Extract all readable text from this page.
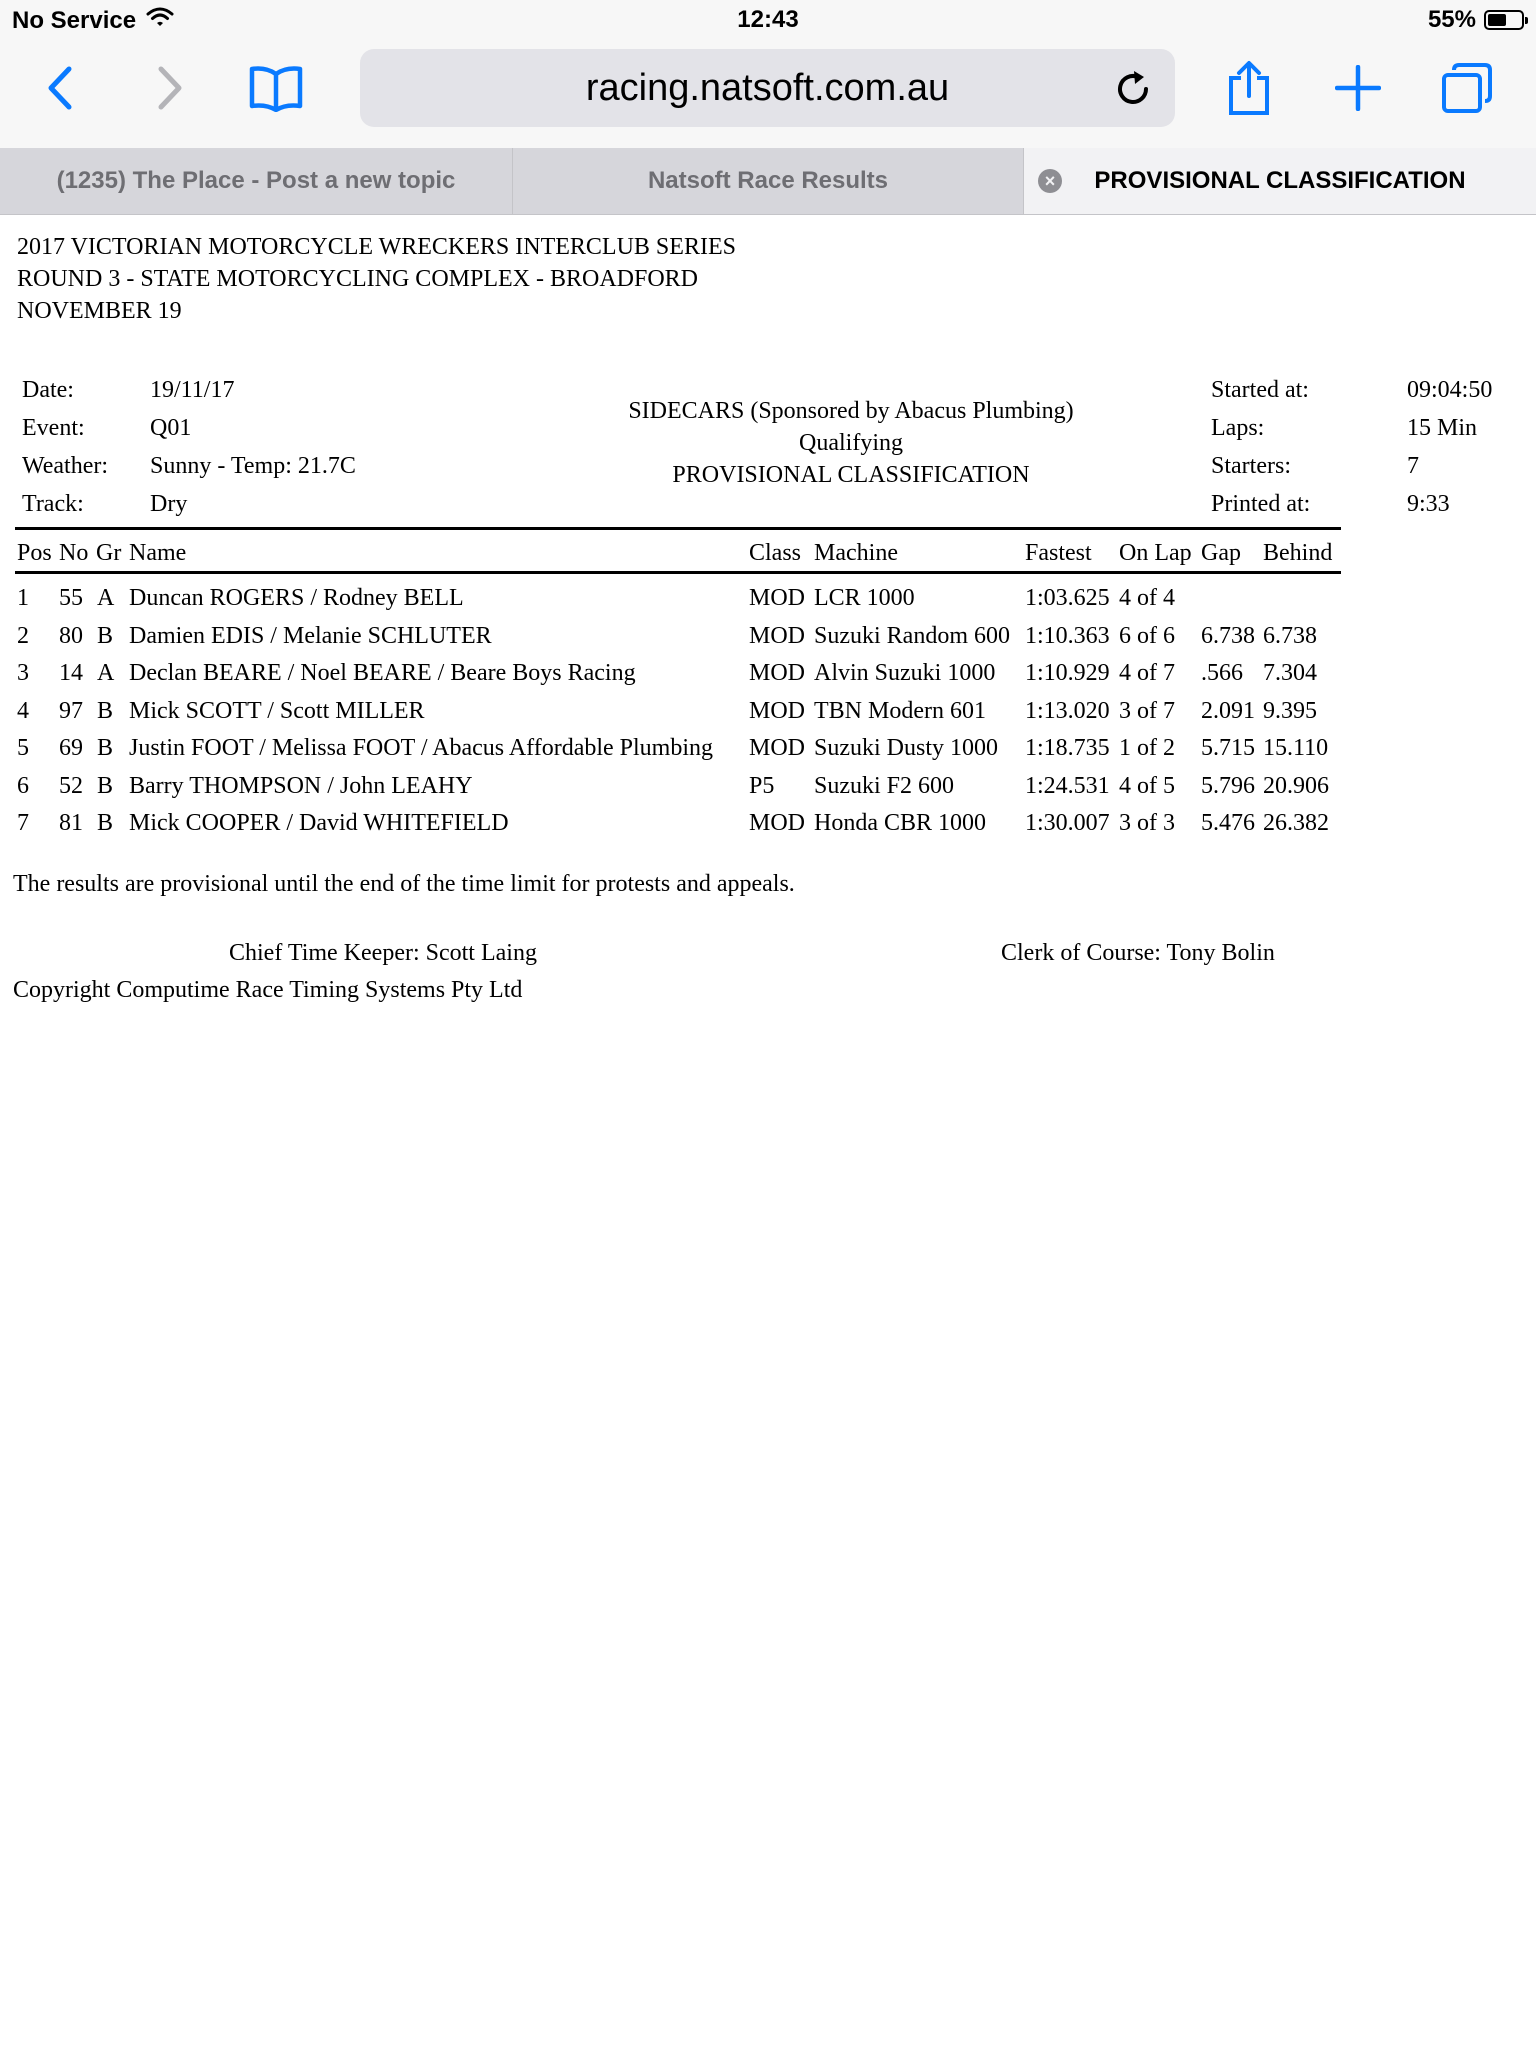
No Service	12:43	55%
racing.natsoft.com.au
(1235) The Place - Post a new topic	Natsoft Race Results	× PROVISIONAL CLASSIFICATION
2017 VICTORIAN MOTORCYCLE WRECKERS INTERCLUB SERIES
ROUND 3 - STATE MOTORCYCLING COMPLEX - BROADFORD
NOVEMBER 19
Date:	19/11/17
Event:	Q01
Weather:	Sunny - Temp: 21.7C
Track:	Dry
SIDECARS (Sponsored by Abacus Plumbing)
Qualifying
PROVISIONAL CLASSIFICATION
Started at:	09:04:50
Laps:	15 Min
Starters:	7
Printed at:	9:33
Pos No Gr Name	Class Machine	Fastest On Lap Gap Behind
1 55 A Duncan ROGERS / Rodney BELL	MOD LCR 1000	1:03.625 4 of 4
2 80 B Damien EDIS / Melanie SCHLUTER	MOD Suzuki Random 600 1:10.363 6 of 6 6.738 6.738
3 14 A Declan BEARE / Noel BEARE / Beare Boys Racing	MOD Alvin Suzuki 1000 1:10.929 4 of 7 .566 7.304
4 97 B Mick SCOTT / Scott MILLER	MOD TBN Modern 601 1:13.020 3 of 7 2.091 9.395
5 69 B Justin FOOT / Melissa FOOT / Abacus Affordable Plumbing MOD Suzuki Dusty 1000 1:18.735 1 of 2 5.715 15.110
6 52 B Barry THOMPSON / John LEAHY	P5 Suzuki F2 600	1:24.531 4 of 5 5.796 20.906
7 81 B Mick COOPER / David WHITEFIELD	MOD Honda CBR 1000 1:30.007 3 of 3 5.476 26.382
The results are provisional until the end of the time limit for protests and appeals.
Chief Time Keeper: Scott Laing	Clerk of Course: Tony Bolin
Copyright Computime Race Timing Systems Pty Ltd
